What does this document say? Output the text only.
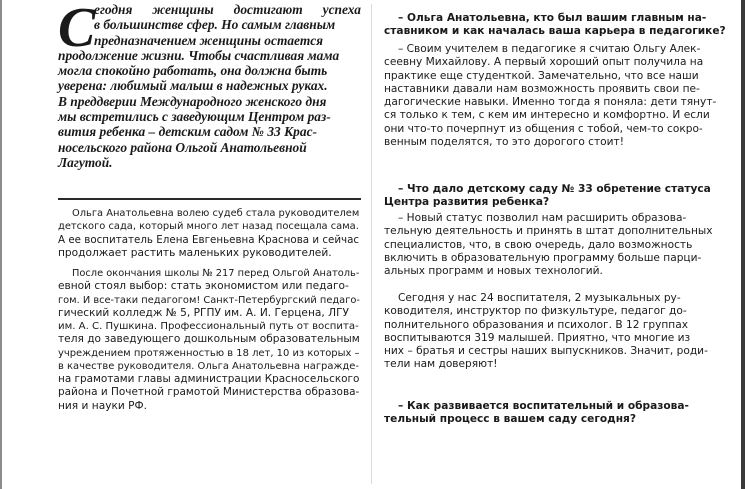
С
егодня женщины достигают успеха
в большинстве сфер. Но самым главным
предназначением женщины остается
продолжение жизни. Чтобы счастливая мама
могла спокойно работать, она должна быть
уверена: любимый малыш в надежных руках.
В преддверии Международного женского дня
мы встретились с заведующим Центром раз-
вития ребенка – детским садом № 33 Крас-
носельского района Ольгой Анатольевной
Лагутой.

Ольга Анатольевна волею судеб стала руководителем
детского сада, который много лет назад посещала сама.
А ее воспитатель Елена Евгеньевна Краснова и сейчас
продолжает растить маленьких руководителей.

После окончания школы № 217 перед Ольгой Анатоль-
евной стоял выбор: стать экономистом или педаго-
гом. И все-таки педагогом! Санкт-Петербургский педаго-
гический колледж № 5, РГПУ им. А. И. Герцена, ЛГУ
им. А. С. Пушкина. Профессиональный путь от воспита-
теля до заведующего дошкольным образовательным
учреждением протяженностью в 18 лет, 10 из которых –
в качестве руководителя. Ольга Анатольевна награжде-
на грамотами главы администрации Красносельского
района и Почетной грамотой Министерства образова-
ния и науки РФ.

– Ольга Анатольевна, кто был вашим главным на-
ставником и как началась ваша карьера в педагогике?

– Своим учителем в педагогике я считаю Ольгу Алек-
сеевну Михайлову. А первый хороший опыт получила на
практике еще студенткой. Замечательно, что все наши
наставники давали нам возможность проявить свои пе-
дагогические навыки. Именно тогда я поняла: дети тянут-
ся только к тем, с кем им интересно и комфортно. И если
они что-то почерпнут из общения с тобой, чем-то сокро-
венным поделятся, то это дорогого стоит!

– Что дало детскому саду № 33 обретение статуса
Центра развития ребенка?

– Новый статус позволил нам расширить образова-
тельную деятельность и принять в штат дополнительных
специалистов, что, в свою очередь, дало возможность
включить в образовательную программу больше парци-
альных программ и новых технологий.

Сегодня у нас 24 воспитателя, 2 музыкальных ру-
ководителя, инструктор по физкультуре, педагог до-
полнительного образования и психолог. В 12 группах
воспитываются 319 малышей. Приятно, что многие из
них – братья и сестры наших выпускников. Значит, роди-
тели нам доверяют!

– Как развивается воспитательный и образова-
тельный процесс в вашем саду сегодня?
